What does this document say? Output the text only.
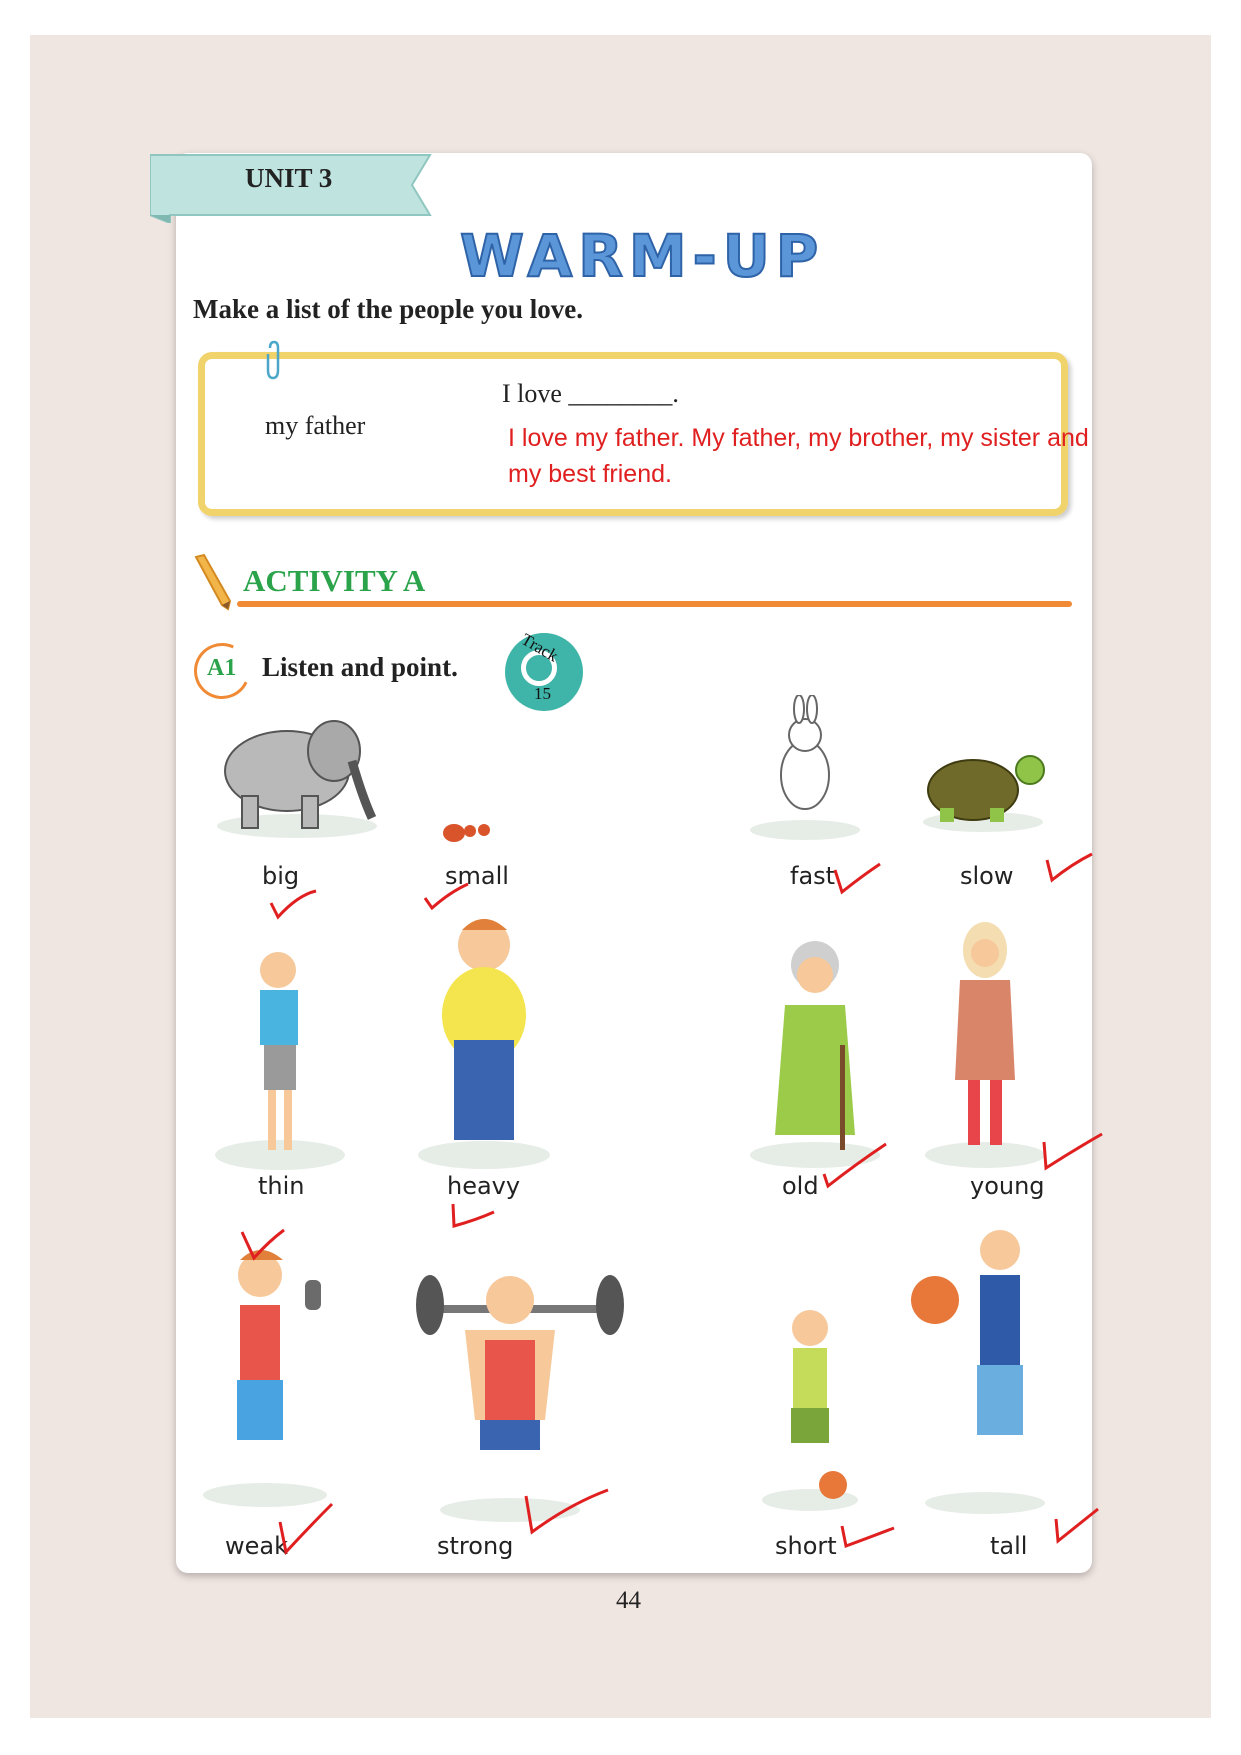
UNIT 3
WARM-UP
Make a list of the people you love.
my father
I love ________.
I love my father. My father, my brother, my sister and my best friend.
ACTIVITY A
A1 Listen and point.
Track
15
big	small	fast	slow
thin	heavy	old	young
weak	strong	short	tall
44
